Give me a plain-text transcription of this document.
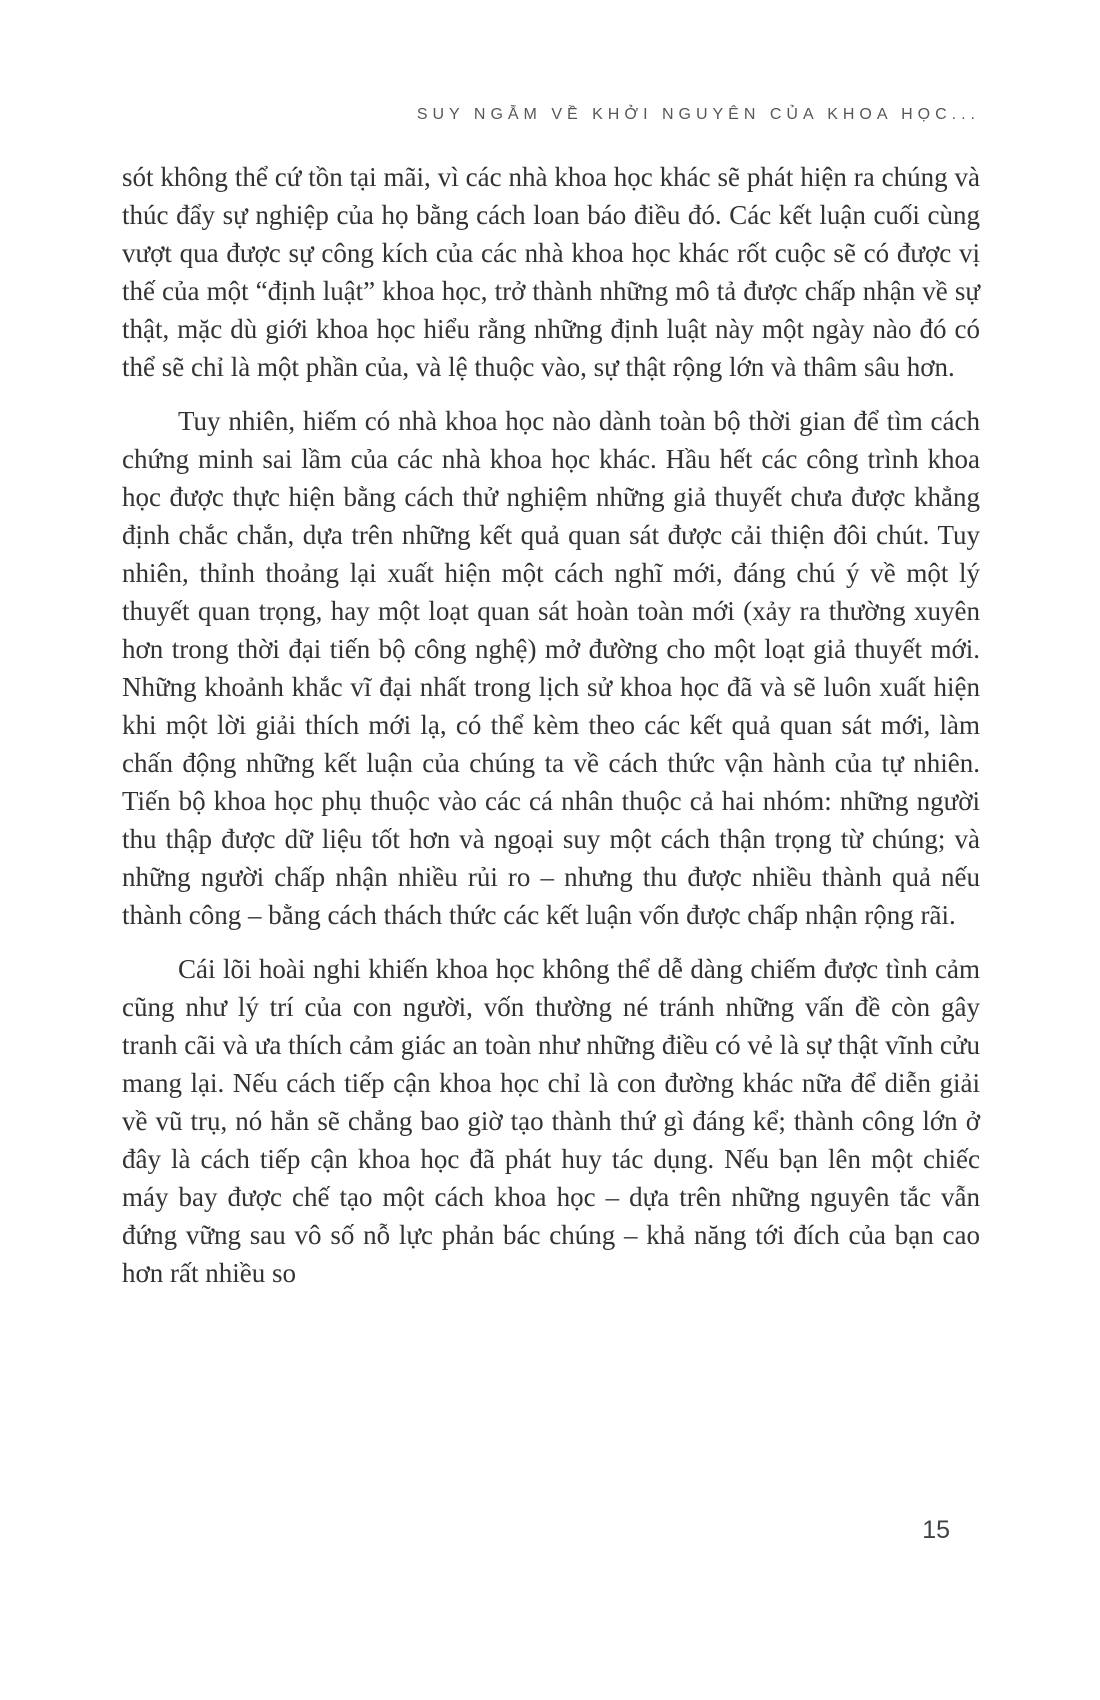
SUY NGẪM VỀ KHỞI NGUYÊN CỦA KHOA HỌC...

sót không thể cứ tồn tại mãi, vì các nhà khoa học khác sẽ phát hiện ra chúng và thúc đẩy sự nghiệp của họ bằng cách loan báo điều đó. Các kết luận cuối cùng vượt qua được sự công kích của các nhà khoa học khác rốt cuộc sẽ có được vị thế của một “định luật” khoa học, trở thành những mô tả được chấp nhận về sự thật, mặc dù giới khoa học hiểu rằng những định luật này một ngày nào đó có thể sẽ chỉ là một phần của, và lệ thuộc vào, sự thật rộng lớn và thâm sâu hơn.

Tuy nhiên, hiếm có nhà khoa học nào dành toàn bộ thời gian để tìm cách chứng minh sai lầm của các nhà khoa học khác. Hầu hết các công trình khoa học được thực hiện bằng cách thử nghiệm những giả thuyết chưa được khẳng định chắc chắn, dựa trên những kết quả quan sát được cải thiện đôi chút. Tuy nhiên, thỉnh thoảng lại xuất hiện một cách nghĩ mới, đáng chú ý về một lý thuyết quan trọng, hay một loạt quan sát hoàn toàn mới (xảy ra thường xuyên hơn trong thời đại tiến bộ công nghệ) mở đường cho một loạt giả thuyết mới. Những khoảnh khắc vĩ đại nhất trong lịch sử khoa học đã và sẽ luôn xuất hiện khi một lời giải thích mới lạ, có thể kèm theo các kết quả quan sát mới, làm chấn động những kết luận của chúng ta về cách thức vận hành của tự nhiên. Tiến bộ khoa học phụ thuộc vào các cá nhân thuộc cả hai nhóm: những người thu thập được dữ liệu tốt hơn và ngoại suy một cách thận trọng từ chúng; và những người chấp nhận nhiều rủi ro – nhưng thu được nhiều thành quả nếu thành công – bằng cách thách thức các kết luận vốn được chấp nhận rộng rãi.

Cái lõi hoài nghi khiến khoa học không thể dễ dàng chiếm được tình cảm cũng như lý trí của con người, vốn thường né tránh những vấn đề còn gây tranh cãi và ưa thích cảm giác an toàn như những điều có vẻ là sự thật vĩnh cửu mang lại. Nếu cách tiếp cận khoa học chỉ là con đường khác nữa để diễn giải về vũ trụ, nó hẳn sẽ chẳng bao giờ tạo thành thứ gì đáng kể; thành công lớn ở đây là cách tiếp cận khoa học đã phát huy tác dụng. Nếu bạn lên một chiếc máy bay được chế tạo một cách khoa học – dựa trên những nguyên tắc vẫn đứng vững sau vô số nỗ lực phản bác chúng – khả năng tới đích của bạn cao hơn rất nhiều so

15
